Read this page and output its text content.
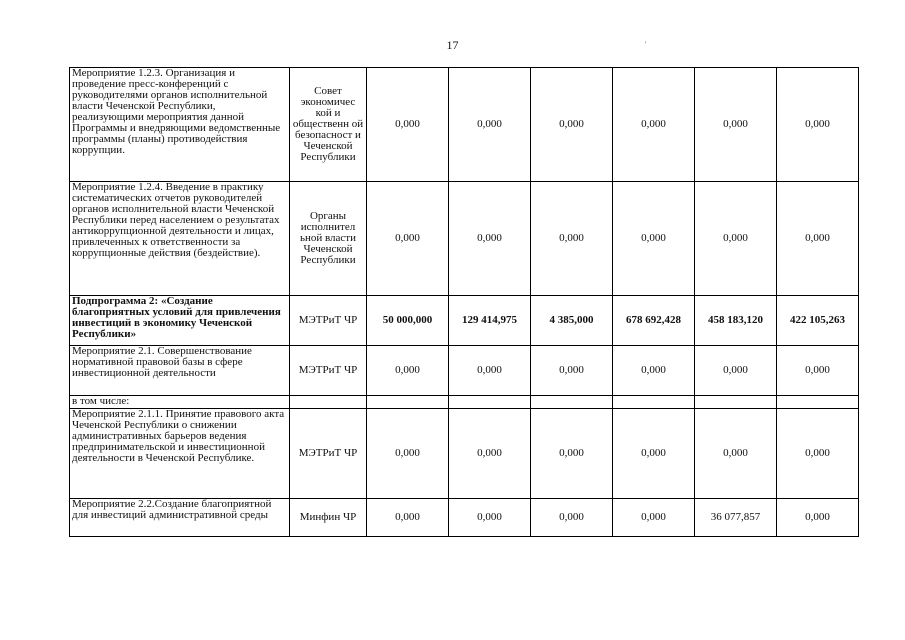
17	'
Мероприятие 1.2.3. Организация и проведение пресс-конференций с руководителями органов исполнительной власти Чеченской Республики, реализующими мероприятия данной Программы и внедряющими ведомственные программы (планы) противодействия коррупции.	Совет экономичес кой и общественн ой безопасност и Чеченской Республики	0,000	0,000	0,000	0,000	0,000	0,000
Мероприятие 1.2.4. Введение в практику систематических отчетов руководителей органов исполнительной власти Чеченской Республики перед населением о результатах антикоррупционной деятельности и лицах, привлеченных к ответственности за коррупционные действия (бездействие).	Органы исполнител ьной власти Чеченской Республики	0,000	0,000	0,000	0,000	0,000	0,000
Подпрограмма 2: «Создание благоприятных условий для привлечения инвестиций в экономику Чеченской Республики»	МЭТРиТ ЧР	50 000,000	129 414,975	4 385,000	678 692,428	458 183,120	422 105,263
Мероприятие 2.1. Совершенствование нормативной правовой базы в сфере инвестиционной деятельности	МЭТРиТ ЧР	0,000	0,000	0,000	0,000	0,000	0,000
в том числе:							
Мероприятие 2.1.1. Принятие правового акта Чеченской Республики о снижении административных барьеров ведения предпринимательской и инвестиционной деятельности в Чеченской Республике.	МЭТРиТ ЧР	0,000	0,000	0,000	0,000	0,000	0,000
Мероприятие 2.2.Создание благоприятной для инвестиций административной среды	Минфин ЧР	0,000	0,000	0,000	0,000	36 077,857	0,000
